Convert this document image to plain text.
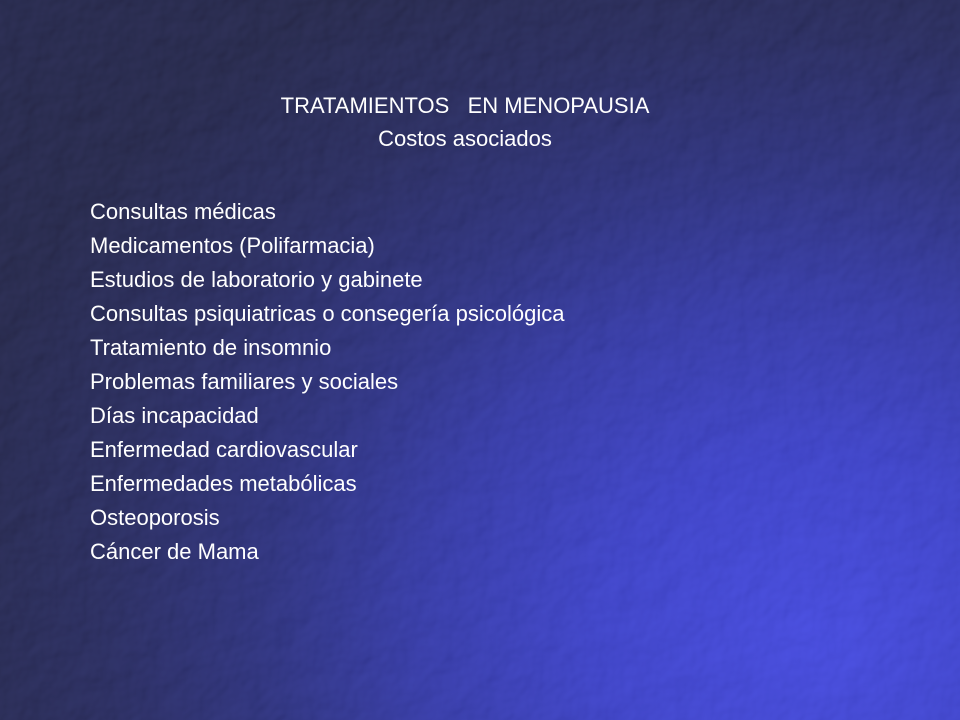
TRATAMIENTOS   EN MENOPAUSIA
Costos asociados
Consultas médicas
Medicamentos (Polifarmacia)
Estudios de laboratorio y gabinete
Consultas psiquiatricas o consegería psicológica
Tratamiento de insomnio
Problemas familiares y sociales
Días incapacidad
Enfermedad cardiovascular
Enfermedades metabólicas
Osteoporosis
Cáncer de Mama
